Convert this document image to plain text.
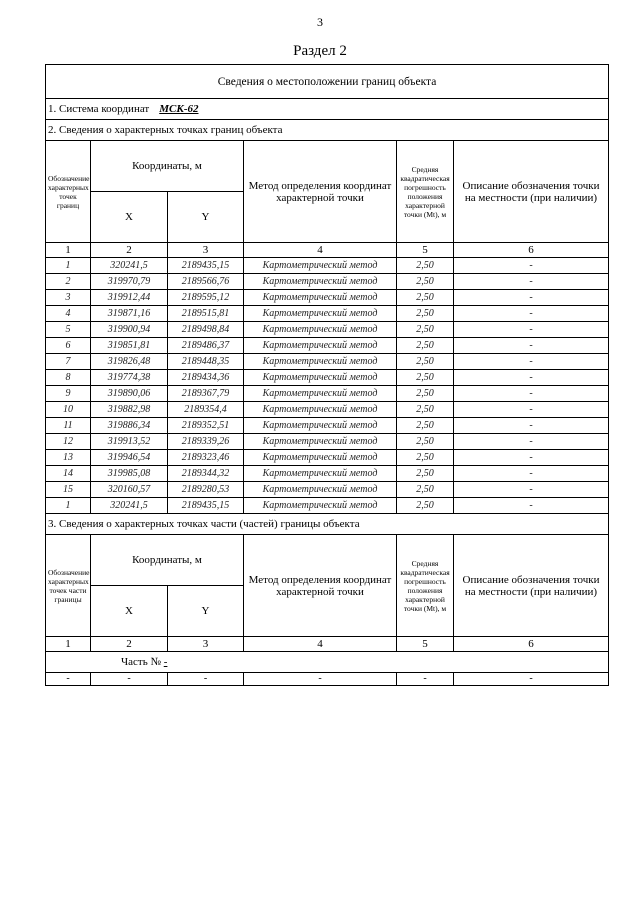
3
Раздел 2
Сведения о местоположении границ объекта					
1. Система координат МСК-62					
2. Сведения о характерных точках границ объекта					
Обозначение характерных точек границ	Координаты, м		Метод определения координат характерной точки	Средняя квадратическая погрешность положения характерной точки (Mt), м	Описание обозначения точки на местности (при наличии)
	X	Y			
1	2	3	4	5	6
1	320241,5	2189435,15	Картометрический метод	2,50	-
2	319970,79	2189566,76	Картометрический метод	2,50	-
3	319912,44	2189595,12	Картометрический метод	2,50	-
4	319871,16	2189515,81	Картометрический метод	2,50	-
5	319900,94	2189498,84	Картометрический метод	2,50	-
6	319851,81	2189486,37	Картометрический метод	2,50	-
7	319826,48	2189448,35	Картометрический метод	2,50	-
8	319774,38	2189434,36	Картометрический метод	2,50	-
9	319890,06	2189367,79	Картометрический метод	2,50	-
10	319882,98	2189354,4	Картометрический метод	2,50	-
11	319886,34	2189352,51	Картометрический метод	2,50	-
12	319913,52	2189339,26	Картометрический метод	2,50	-
13	319946,54	2189323,46	Картометрический метод	2,50	-
14	319985,08	2189344,32	Картометрический метод	2,50	-
15	320160,57	2189280,53	Картометрический метод	2,50	-
1	320241,5	2189435,15	Картометрический метод	2,50	-
3. Сведения о характерных точках части (частей) границы объекта					
Обозначение характерных точек части границы	Координаты, м		Метод определения координат характерной точки	Средняя квадратическая погрешность положения характерной точки (Mt), м	Описание обозначения точки на местности (при наличии)
	X	Y			
1	2	3	4	5	6
Часть № -					
-	-	-	-	-	-
